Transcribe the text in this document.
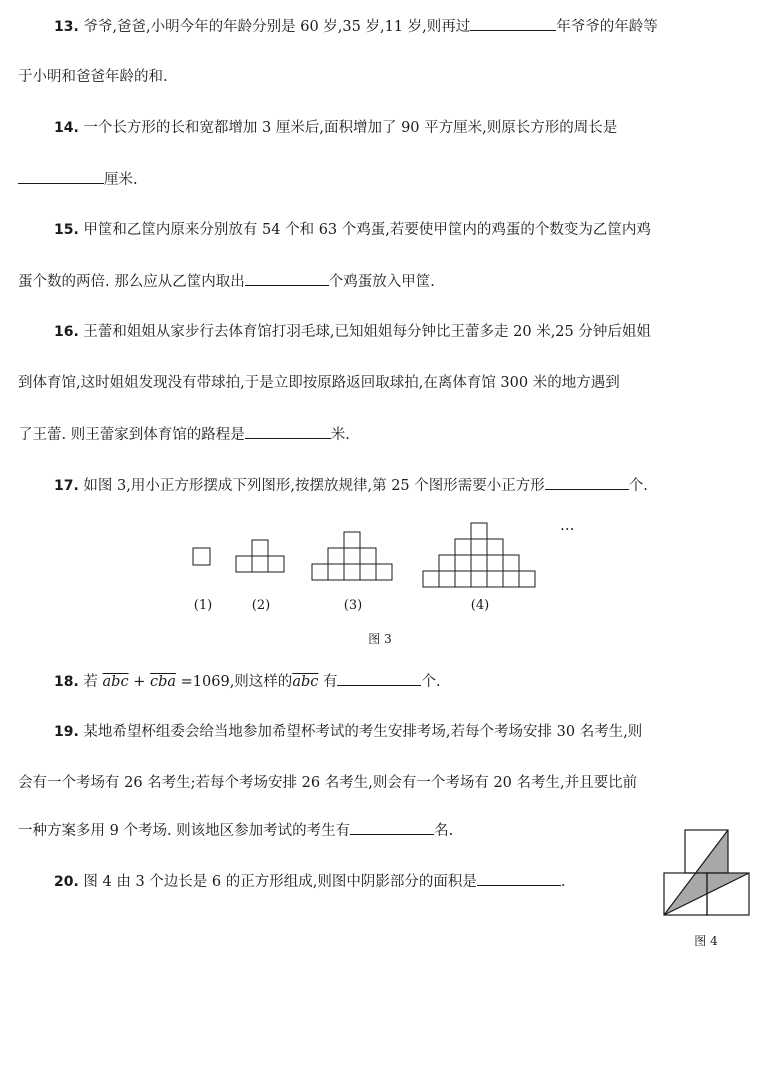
13. 爷爷,爸爸,小明今年的年龄分别是 60 岁,35 岁,11 岁,则再过	年爷爷的年龄等
于小明和爸爸年龄的和.
14. 一个长方形的长和宽都增加 3 厘米后,面积增加了 90 平方厘米,则原长方形的周长是
厘米.
15. 甲筐和乙筐内原来分别放有 54 个和 63 个鸡蛋,若要使甲筐内的鸡蛋的个数变为乙筐内鸡
蛋个数的两倍. 那么应从乙筐内取出	个鸡蛋放入甲筐.
16. 王蕾和姐姐从家步行去体育馆打羽毛球,已知姐姐每分钟比王蕾多走 20 米,25 分钟后姐姐
到体育馆,这时姐姐发现没有带球拍,于是立即按原路返回取球拍,在离体育馆 300 米的地方遇到
了王蕾. 则王蕾家到体育馆的路程是	米.
17. 如图 3,用小正方形摆成下列图形,按摆放规律,第 25 个图形需要小正方形	个.
…
(1)	(2)	(3)	(4)
图 3
18. 若 $\overline{abc} + \overline{cba} =1069$,则这样的$\overline{abc}$ 有	个.
19. 某地希望杯组委会给当地参加希望杯考试的考生安排考场,若每个考场安排 30 名考生,则
会有一个考场有 26 名考生;若每个考场安排 26 名考生,则会有一个考场有 20 名考生,并且要比前
一种方案多用 9 个考场. 则该地区参加考试的考生有	名.
20. 图 4 由 3 个边长是 6 的正方形组成,则图中阴影部分的面积是	.
图 4
